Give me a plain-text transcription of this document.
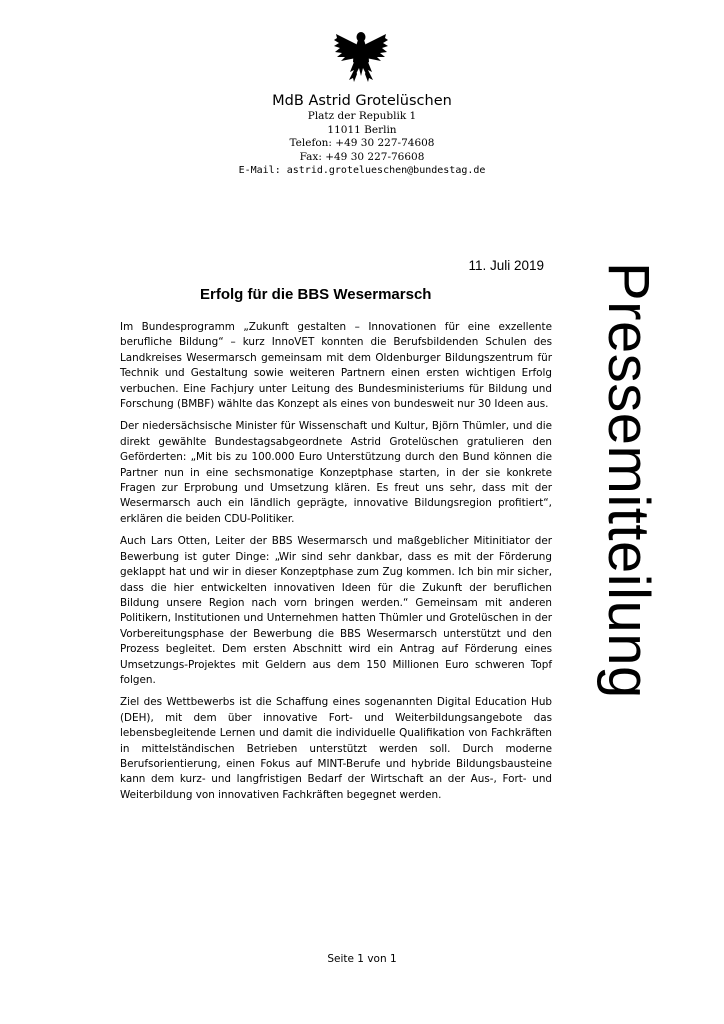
MdB Astrid Grotelüschen
Platz der Republik 1
11011 Berlin
Telefon: +49 30 227-74608
Fax: +49 30 227-76608
E-Mail: astrid.grotelueschen@bundestag.de
Pressemitteilung
11. Juli 2019
Erfolg für die BBS Wesermarsch

Im Bundesprogramm „Zukunft gestalten – Innovationen für eine exzellente berufliche Bildung“ – kurz InnoVET konnten die Berufsbildenden Schulen des Landkreises Wesermarsch gemeinsam mit dem Oldenburger Bildungszentrum für Technik und Gestaltung sowie weiteren Partnern einen ersten wichtigen Erfolg verbuchen. Eine Fachjury unter Leitung des Bundesministeriums für Bildung und Forschung (BMBF) wählte das Konzept als eines von bundesweit nur 30 Ideen aus.

Der niedersächsische Minister für Wissenschaft und Kultur, Björn Thümler, und die direkt gewählte Bundestagsabgeordnete Astrid Grotelüschen gratulieren den Geförderten: „Mit bis zu 100.000 Euro Unterstützung durch den Bund können die Partner nun in eine sechsmonatige Konzeptphase starten, in der sie konkrete Fragen zur Erprobung und Umsetzung klären. Es freut uns sehr, dass mit der Wesermarsch auch ein ländlich geprägte, innovative Bildungsregion profitiert“, erklären die beiden CDU-Politiker.

Auch Lars Otten, Leiter der BBS Wesermarsch und maßgeblicher Mitinitiator der Bewerbung ist guter Dinge: „Wir sind sehr dankbar, dass es mit der Förderung geklappt hat und wir in dieser Konzeptphase zum Zug kommen. Ich bin mir sicher, dass die hier entwickelten innovativen Ideen für die Zukunft der beruflichen Bildung unsere Region nach vorn bringen werden.“ Gemeinsam mit anderen Politikern, Institutionen und Unternehmen hatten Thümler und Grotelüschen in der Vorbereitungsphase der Bewerbung die BBS Wesermarsch unterstützt und den Prozess begleitet. Dem ersten Abschnitt wird ein Antrag auf Förderung eines Umsetzungs-Projektes mit Geldern aus dem 150 Millionen Euro schweren Topf folgen.

Ziel des Wettbewerbs ist die Schaffung eines sogenannten Digital Education Hub (DEH), mit dem über innovative Fort- und Weiterbildungsangebote das lebensbegleitende Lernen und damit die individuelle Qualifikation von Fachkräften in mittelständischen Betrieben unterstützt werden soll. Durch moderne Berufsorientierung, einen Fokus auf MINT-Berufe und hybride Bildungsbausteine kann dem kurz- und langfristigen Bedarf der Wirtschaft an der Aus-, Fort- und Weiterbildung von innovativen Fachkräften begegnet werden.

Seite 1 von 1
